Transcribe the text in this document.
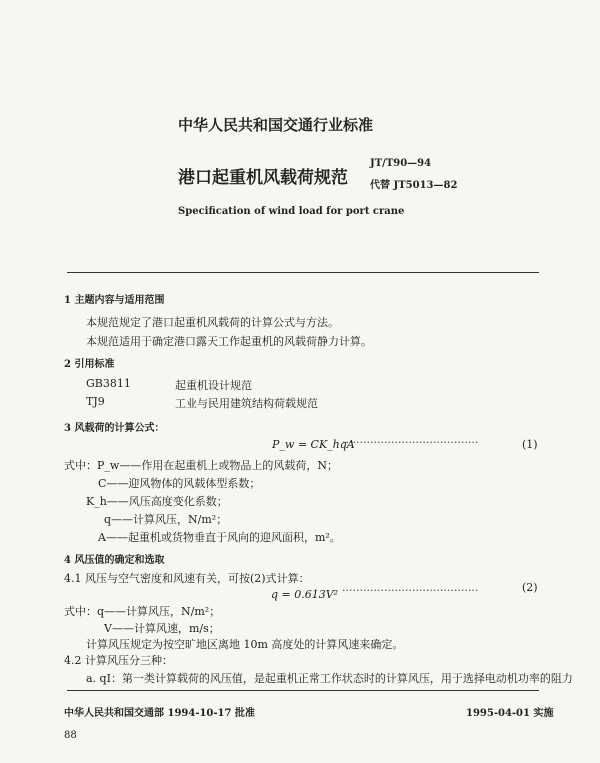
中华人民共和国交通行业标准
港口起重机风载荷规范
JT/T90—94
代替 JT5013—82
Specification of wind load for port crane
1 主题内容与适用范围
本规范规定了港口起重机风载荷的计算公式与方法。
本规范适用于确定港口露天工作起重机的风载荷静力计算。
2 引用标准
GB3811	起重机设计规范
TJ9	工业与民用建筑结构荷载规范
3 风载荷的计算公式：
P_w = CK_hqA
·······································	(1)
式中：P_w——作用在起重机上或物品上的风载荷，N；
C——迎风物体的风载体型系数；
K_h——风压高度变化系数；
q——计算风压，N/m²；
A——起重机或货物垂直于风向的迎风面积，m²。
4 风压值的确定和选取
4.1 风压与空气密度和风速有关，可按(2)式计算：
q = 0.613V² ·······································	(2)
式中：q——计算风压，N/m²；
V——计算风速，m/s；
计算风压规定为按空旷地区离地 10m 高度处的计算风速来确定。
4.2 计算风压分三种：
a. qⅠ：第一类计算载荷的风压值，是起重机正常工作状态时的计算风压，用于选择电动机功率的阻力
中华人民共和国交通部 1994-10-17 批准	1995-04-01 实施
88
